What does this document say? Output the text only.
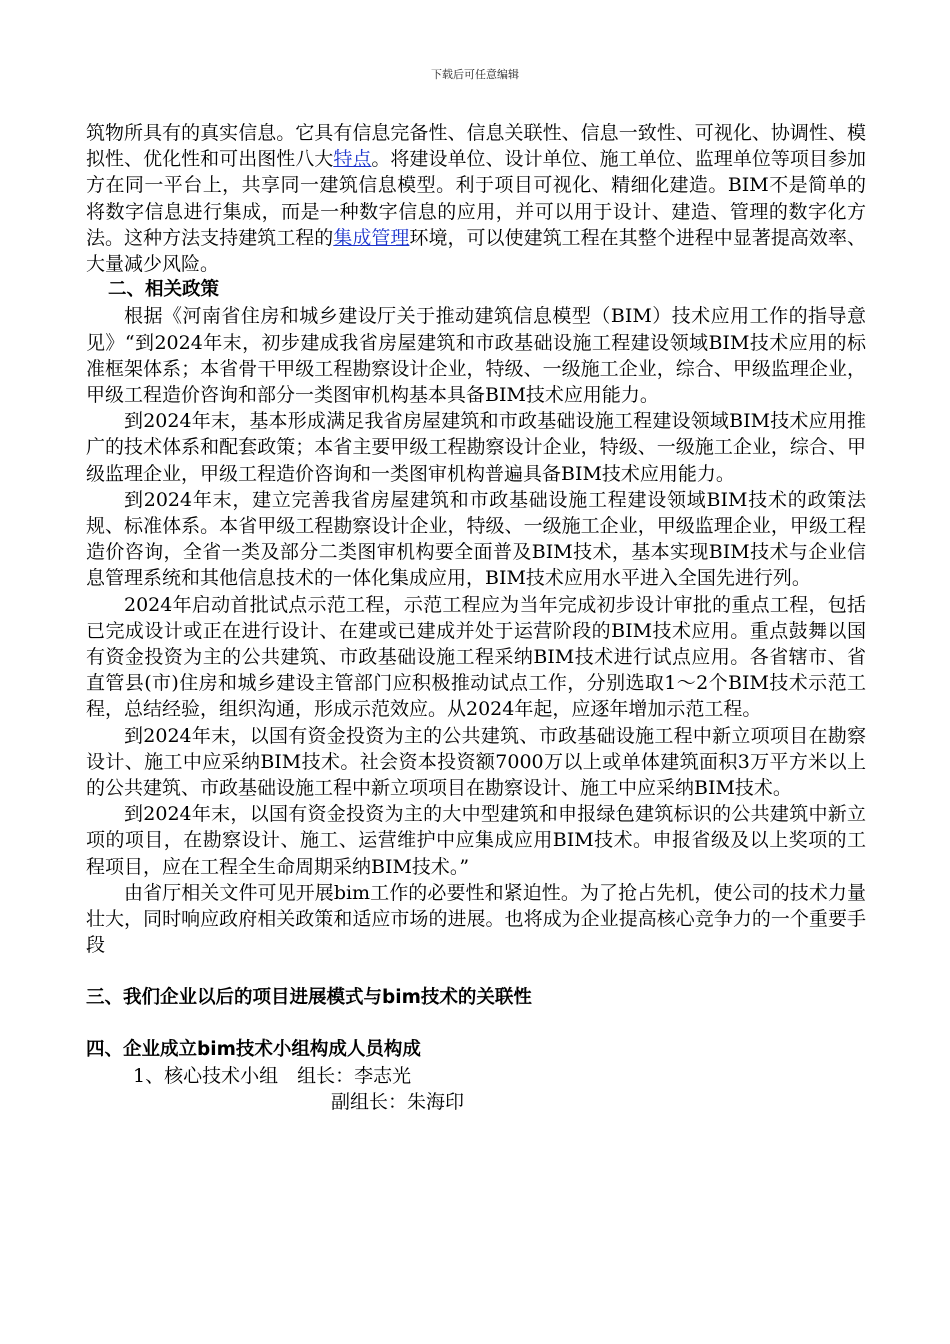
下载后可任意编辑

筑物所具有的真实信息。它具有信息完备性、信息关联性、信息一致性、可视化、协调性、模拟性、优化性和可出图性八大特点。将建设单位、设计单位、施工单位、监理单位等项目参加方在同一平台上，共享同一建筑信息模型。利于项目可视化、精细化建造。BIM不是简单的将数字信息进行集成，而是一种数字信息的应用，并可以用于设计、建造、管理的数字化方法。这种方法支持建筑工程的集成管理环境，可以使建筑工程在其整个进程中显著提高效率、大量减少风险。

二、相关政策

根据《河南省住房和城乡建设厅关于推动建筑信息模型（BIM）技术应用工作的指导意见》“到2024年末，初步建成我省房屋建筑和市政基础设施工程建设领域BIM技术应用的标准框架体系；本省骨干甲级工程勘察设计企业，特级、一级施工企业，综合、甲级监理企业，甲级工程造价咨询和部分一类图审机构基本具备BIM技术应用能力。

到2024年末，基本形成满足我省房屋建筑和市政基础设施工程建设领域BIM技术应用推广的技术体系和配套政策；本省主要甲级工程勘察设计企业，特级、一级施工企业，综合、甲级监理企业，甲级工程造价咨询和一类图审机构普遍具备BIM技术应用能力。

到2024年末，建立完善我省房屋建筑和市政基础设施工程建设领域BIM技术的政策法规、标准体系。本省甲级工程勘察设计企业，特级、一级施工企业，甲级监理企业，甲级工程造价咨询，全省一类及部分二类图审机构要全面普及BIM技术，基本实现BIM技术与企业信息管理系统和其他信息技术的一体化集成应用，BIM技术应用水平进入全国先进行列。

2024年启动首批试点示范工程，示范工程应为当年完成初步设计审批的重点工程，包括已完成设计或正在进行设计、在建或已建成并处于运营阶段的BIM技术应用。重点鼓舞以国有资金投资为主的公共建筑、市政基础设施工程采纳BIM技术进行试点应用。各省辖市、省直管县(市)住房和城乡建设主管部门应积极推动试点工作，分别选取1～2个BIM技术示范工程，总结经验，组织沟通，形成示范效应。从2024年起，应逐年增加示范工程。

到2024年末，以国有资金投资为主的公共建筑、市政基础设施工程中新立项项目在勘察设计、施工中应采纳BIM技术。社会资本投资额7000万以上或单体建筑面积3万平方米以上的公共建筑、市政基础设施工程中新立项项目在勘察设计、施工中应采纳BIM技术。

到2024年末，以国有资金投资为主的大中型建筑和申报绿色建筑标识的公共建筑中新立项的项目，在勘察设计、施工、运营维护中应集成应用BIM技术。申报省级及以上奖项的工程项目，应在工程全生命周期采纳BIM技术。”

由省厅相关文件可见开展bim工作的必要性和紧迫性。为了抢占先机，使公司的技术力量壮大，同时响应政府相关政策和适应市场的进展。也将成为企业提高核心竞争力的一个重要手段

三、我们企业以后的项目进展模式与bim技术的关联性

四、企业成立bim技术小组构成人员构成

1、核心技术小组　组长：李志光

副组长：朱海印
